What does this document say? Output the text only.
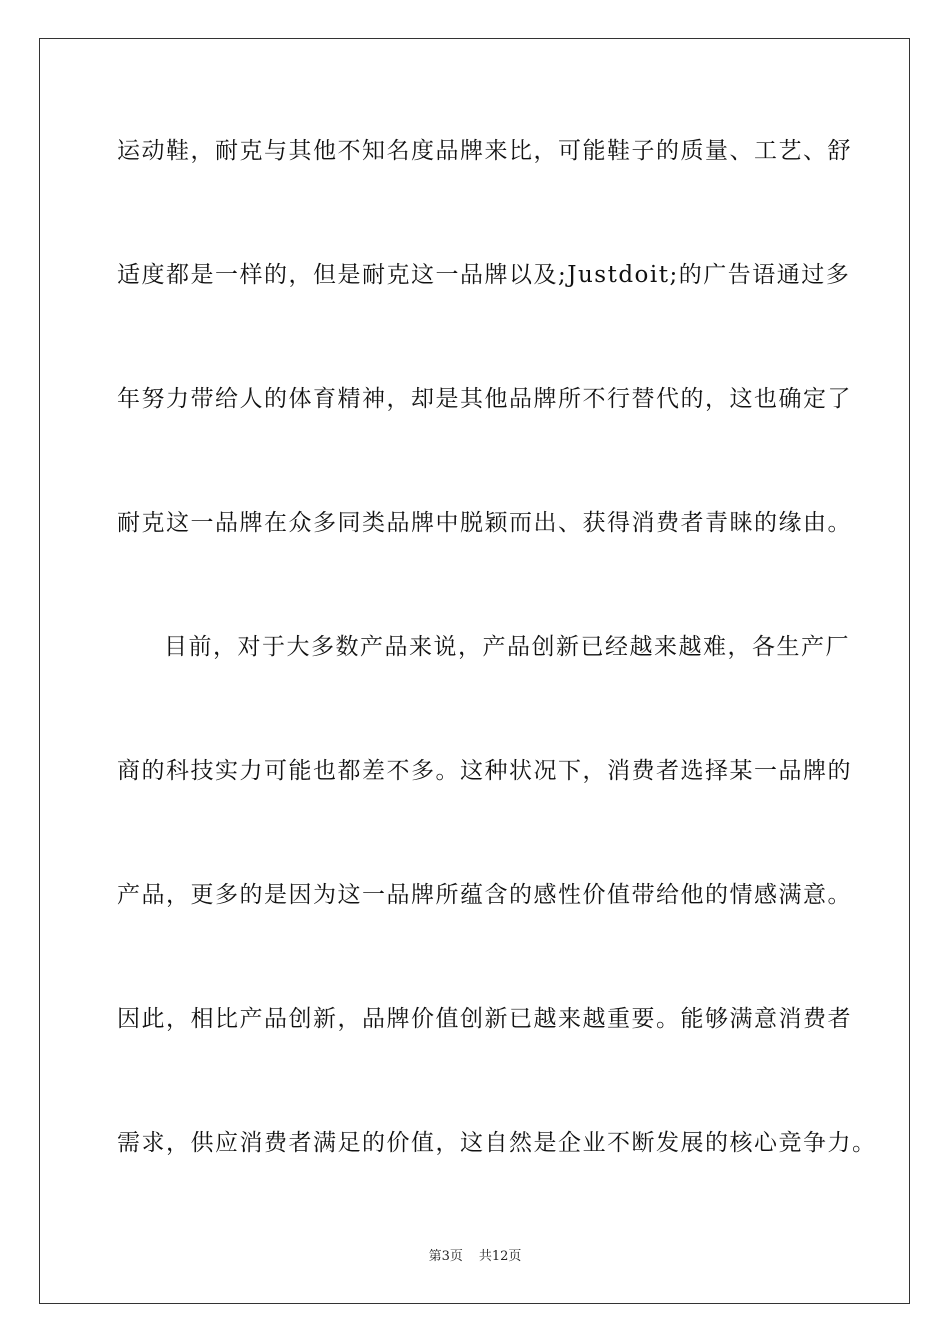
运动鞋，耐克与其他不知名度品牌来比，可能鞋子的质量、工艺、舒
适度都是一样的，但是耐克这一品牌以及;Justdoit;的广告语通过多
年努力带给人的体育精神，却是其他品牌所不行替代的，这也确定了
耐克这一品牌在众多同类品牌中脱颖而出、获得消费者青睐的缘由。
目前，对于大多数产品来说，产品创新已经越来越难，各生产厂
商的科技实力可能也都差不多。这种状况下，消费者选择某一品牌的
产品，更多的是因为这一品牌所蕴含的感性价值带给他的情感满意。
因此，相比产品创新，品牌价值创新已越来越重要。能够满意消费者
需求，供应消费者满足的价值，这自然是企业不断发展的核心竞争力。
第3页 共12页
